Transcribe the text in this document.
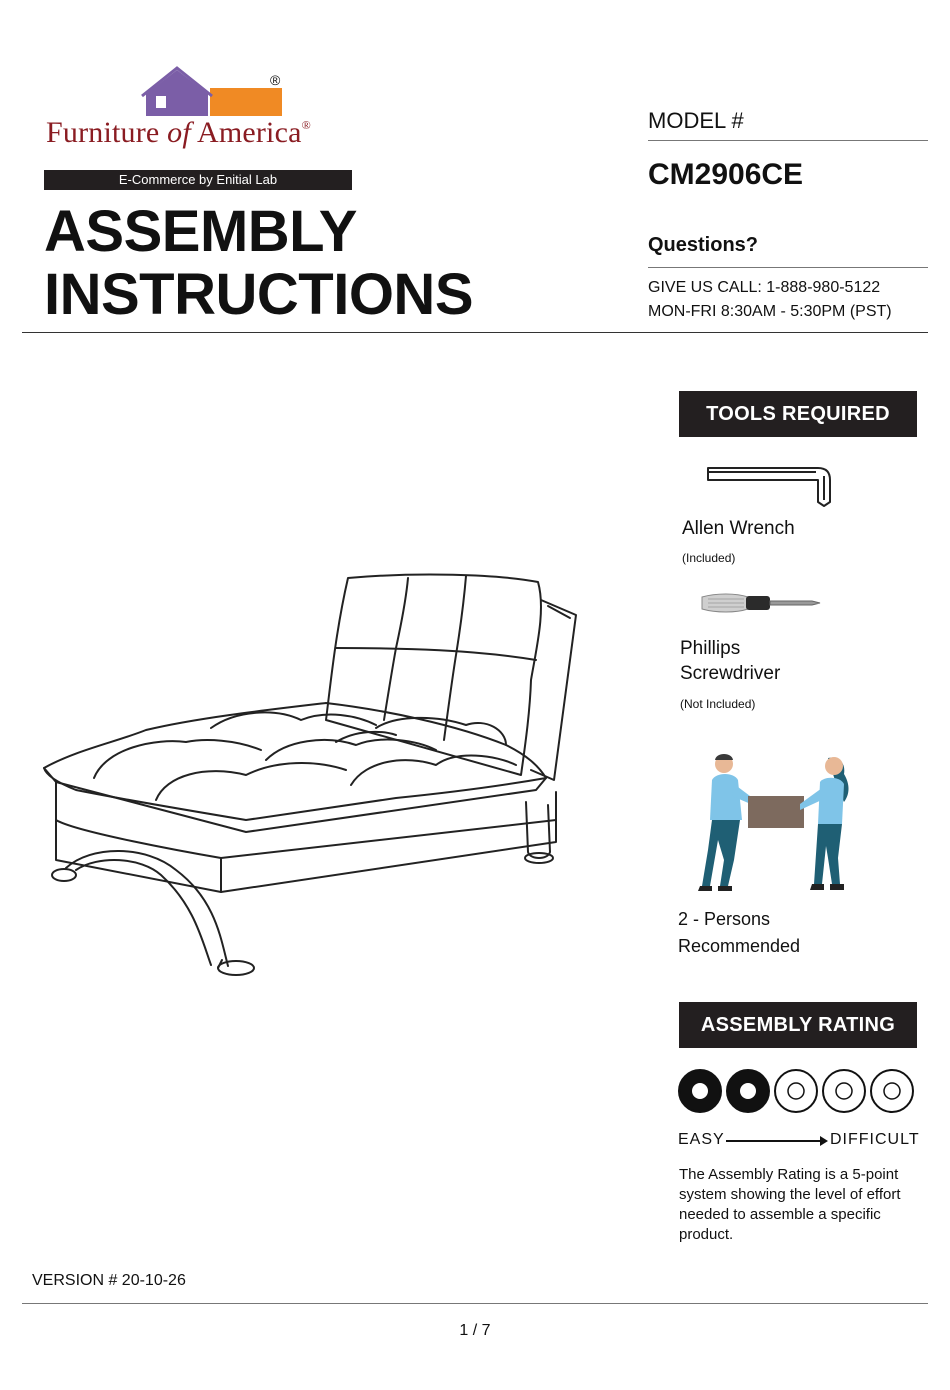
®
Furniture of America®
E-Commerce by Enitial Lab
ASSEMBLY
INSTRUCTIONS
MODEL #
CM2906CE
Questions?
GIVE US CALL: 1-888-980-5122
MON-FRI 8:30AM - 5:30PM (PST)
TOOLS REQUIRED
Allen Wrench
(Included)
Phillips
Screwdriver
(Not Included)
2 - Persons
Recommended
ASSEMBLY RATING
EASY	DIFFICULT
The Assembly Rating is a 5-point system showing the level of effort needed to assemble a specific product.
VERSION # 20-10-26
1 / 7
